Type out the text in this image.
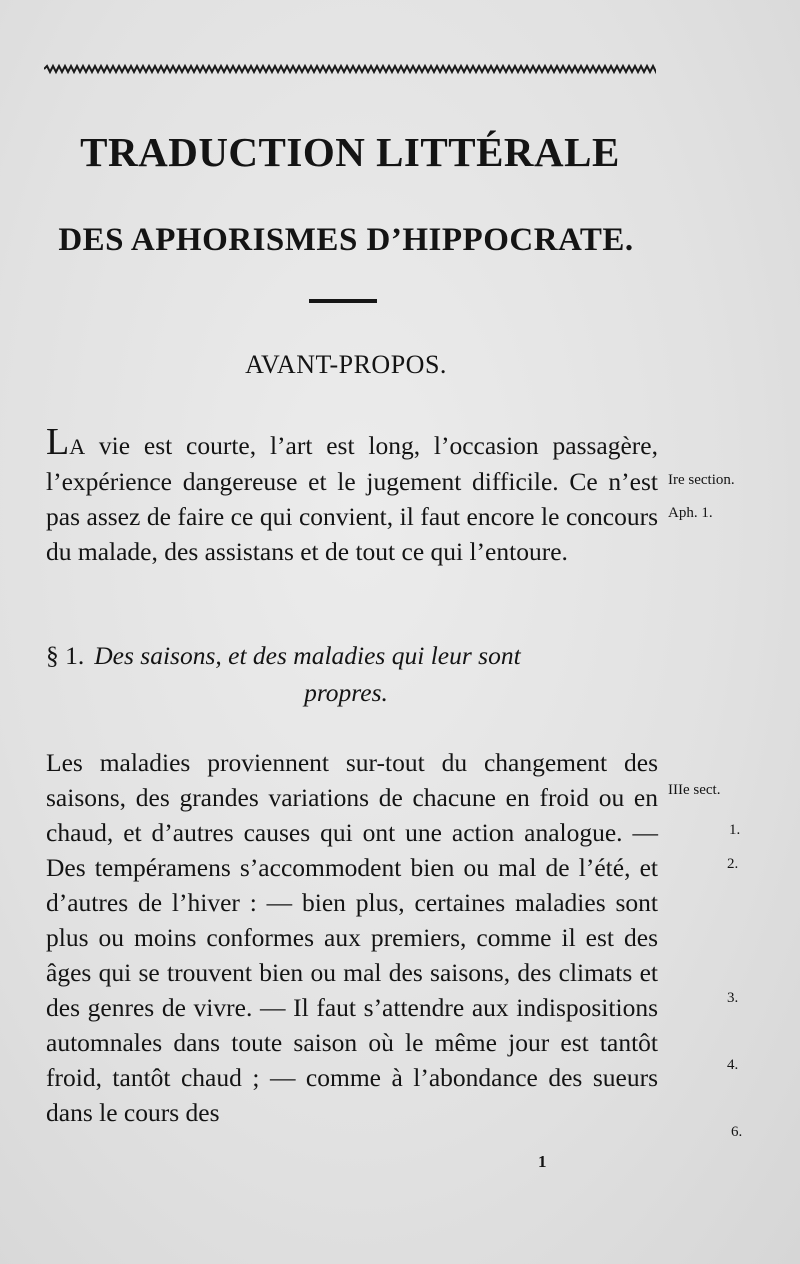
TRADUCTION LITTÉRALE
DES APHORISMES D’HIPPOCRATE.
AVANT-PROPOS.
LA vie est courte, l’art est long, l’occasion passagère, l’expérience dangereuse et le jugement difficile. Ce n’est pas assez de faire ce qui convient, il faut encore le concours du malade, des assistans et de tout ce qui l’entoure.
§ 1. Des saisons, et des maladies qui leur sont
propres.
Les maladies proviennent sur-tout du changement des saisons, des grandes variations de chacune en froid ou en chaud, et d’autres causes qui ont une action analogue. — Des tempéramens s’accommodent bien ou mal de l’été, et d’autres de l’hiver : — bien plus, certaines maladies sont plus ou moins conformes aux premiers, comme il est des âges qui se trouvent bien ou mal des saisons, des climats et des genres de vivre. — Il faut s’attendre aux indispositions automnales dans toute saison où le même jour est tantôt froid, tantôt chaud ; — comme à l’abondance des sueurs dans le cours des
Ire section.
Aph. 1.
IIIe sect.
1.
2.
3.
4.
6.
1
